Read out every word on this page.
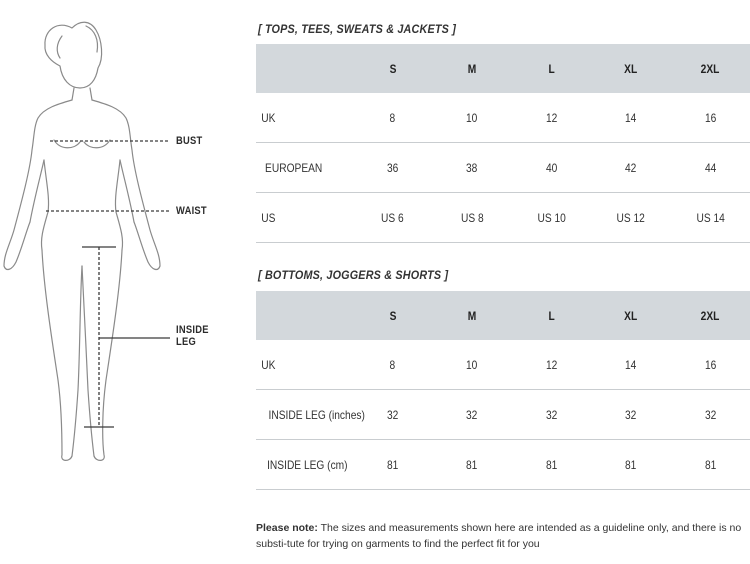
BUST
WAIST
INSIDE
LEG
[ TOPS, TEES, SWEATS & JACKETS ]
	S	M	L	XL	2XL
UK	8	10	12	14	16
EUROPEAN	36	38	40	42	44
US	US 6	US 8	US 10	US 12	US 14
[ BOTTOMS, JOGGERS & SHORTS ]
	S	M	L	XL	2XL
UK	8	10	12	14	16
INSIDE LEG (inches)	32	32	32	32	32
INSIDE LEG (cm)	81	81	81	81	81
Please note: The sizes and measurements shown here are intended as a guideline only, and there is no substi-tute for trying on garments to find the perfect fit for you
